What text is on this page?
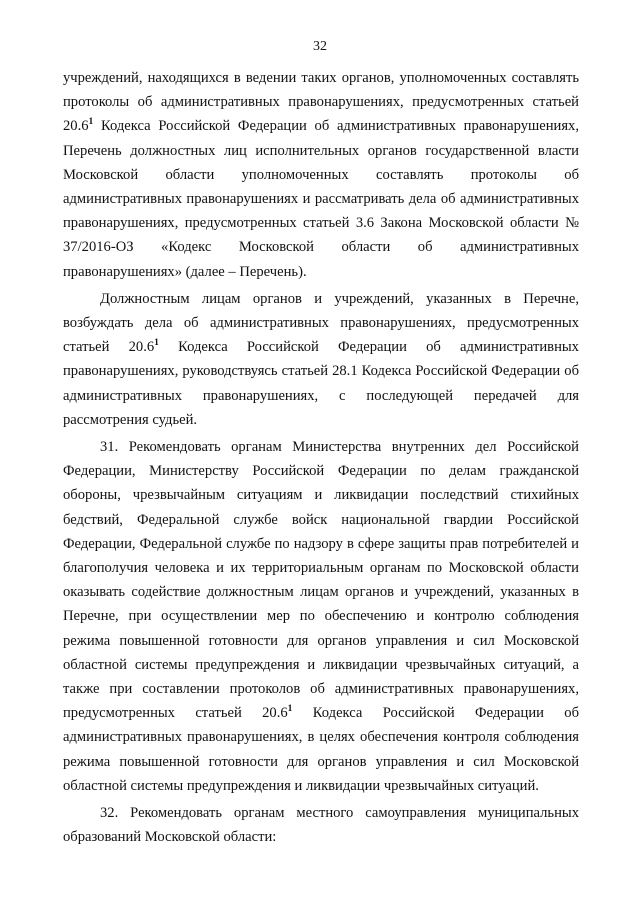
32

учреждений, находящихся в ведении таких органов, уполномоченных составлять протоколы об административных правонарушениях, предусмотренных статьей 20.6$^1$ Кодекса Российской Федерации об административных правонарушениях, Перечень должностных лиц исполнительных органов государственной власти Московской области уполномоченных составлять протоколы об административных правонарушениях и рассматривать дела об административных правонарушениях, предусмотренных статьей 3.6 Закона Московской области № 37/2016-ОЗ «Кодекс Московской области об административных правонарушениях» (далее – Перечень).

Должностным лицам органов и учреждений, указанных в Перечне, возбуждать дела об административных правонарушениях, предусмотренных статьей 20.6$^1$ Кодекса Российской Федерации об административных правонарушениях, руководствуясь статьей 28.1 Кодекса Российской Федерации об административных правонарушениях, с последующей передачей для рассмотрения судьей.

31. Рекомендовать органам Министерства внутренних дел Российской Федерации, Министерству Российской Федерации по делам гражданской обороны, чрезвычайным ситуациям и ликвидации последствий стихийных бедствий, Федеральной службе войск национальной гвардии Российской Федерации, Федеральной службе по надзору в сфере защиты прав потребителей и благополучия человека и их территориальным органам по Московской области оказывать содействие должностным лицам органов и учреждений, указанных в Перечне, при осуществлении мер по обеспечению и контролю соблюдения режима повышенной готовности для органов управления и сил Московской областной системы предупреждения и ликвидации чрезвычайных ситуаций, а также при составлении протоколов об административных правонарушениях, предусмотренных статьей 20.6$^1$ Кодекса Российской Федерации об административных правонарушениях, в целях обеспечения контроля соблюдения режима повышенной готовности для органов управления и сил Московской областной системы предупреждения и ликвидации чрезвычайных ситуаций.

32. Рекомендовать органам местного самоуправления муниципальных образований Московской области:
